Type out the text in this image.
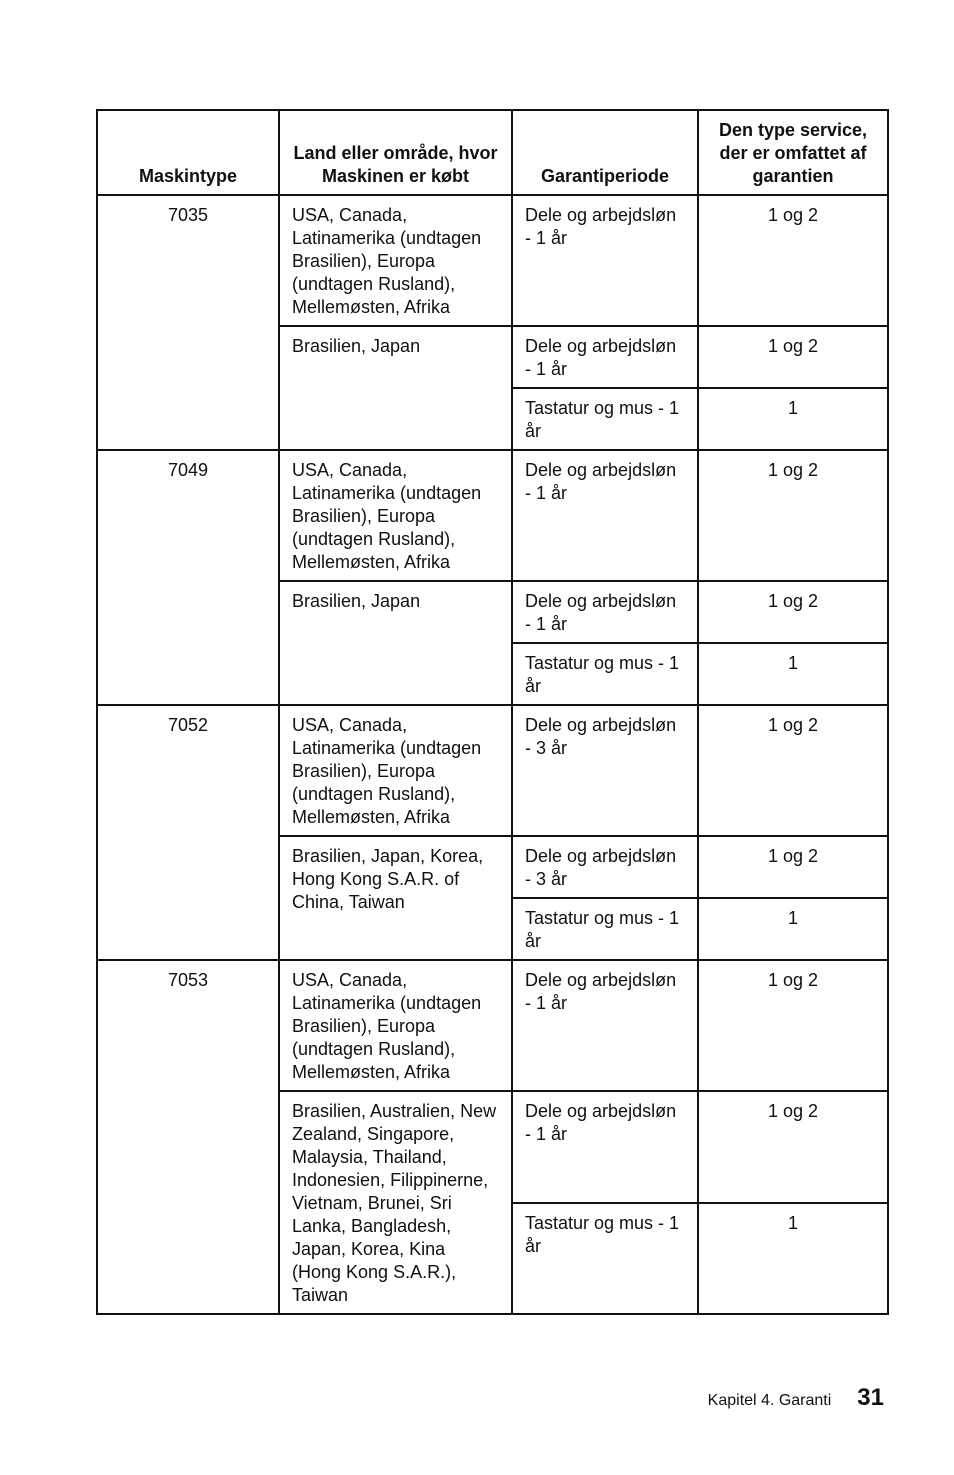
Maskintype	Land eller område, hvor Maskinen er købt	Garantiperiode	Den type service, der er omfattet af garantien
7035	USA, Canada, Latinamerika (undtagen Brasilien), Europa (undtagen Rusland), Mellemøsten, Afrika	Dele og arbejdsløn - 1 år	1 og 2
	Brasilien, Japan	Dele og arbejdsløn - 1 år	1 og 2
		Tastatur og mus - 1 år	1
7049	USA, Canada, Latinamerika (undtagen Brasilien), Europa (undtagen Rusland), Mellemøsten, Afrika	Dele og arbejdsløn - 1 år	1 og 2
	Brasilien, Japan	Dele og arbejdsløn - 1 år	1 og 2
		Tastatur og mus - 1 år	1
7052	USA, Canada, Latinamerika (undtagen Brasilien), Europa (undtagen Rusland), Mellemøsten, Afrika	Dele og arbejdsløn - 3 år	1 og 2
	Brasilien, Japan, Korea, Hong Kong S.A.R. of China, Taiwan	Dele og arbejdsløn - 3 år	1 og 2
		Tastatur og mus - 1 år	1
7053	USA, Canada, Latinamerika (undtagen Brasilien), Europa (undtagen Rusland), Mellemøsten, Afrika	Dele og arbejdsløn - 1 år	1 og 2
	Brasilien, Australien, New Zealand, Singapore, Malaysia, Thailand, Indonesien, Filippinerne, Vietnam, Brunei, Sri Lanka, Bangladesh, Japan, Korea, Kina (Hong Kong S.A.R.), Taiwan	Dele og arbejdsløn - 1 år	1 og 2
		Tastatur og mus - 1 år	1
Kapitel 4. Garanti 31
